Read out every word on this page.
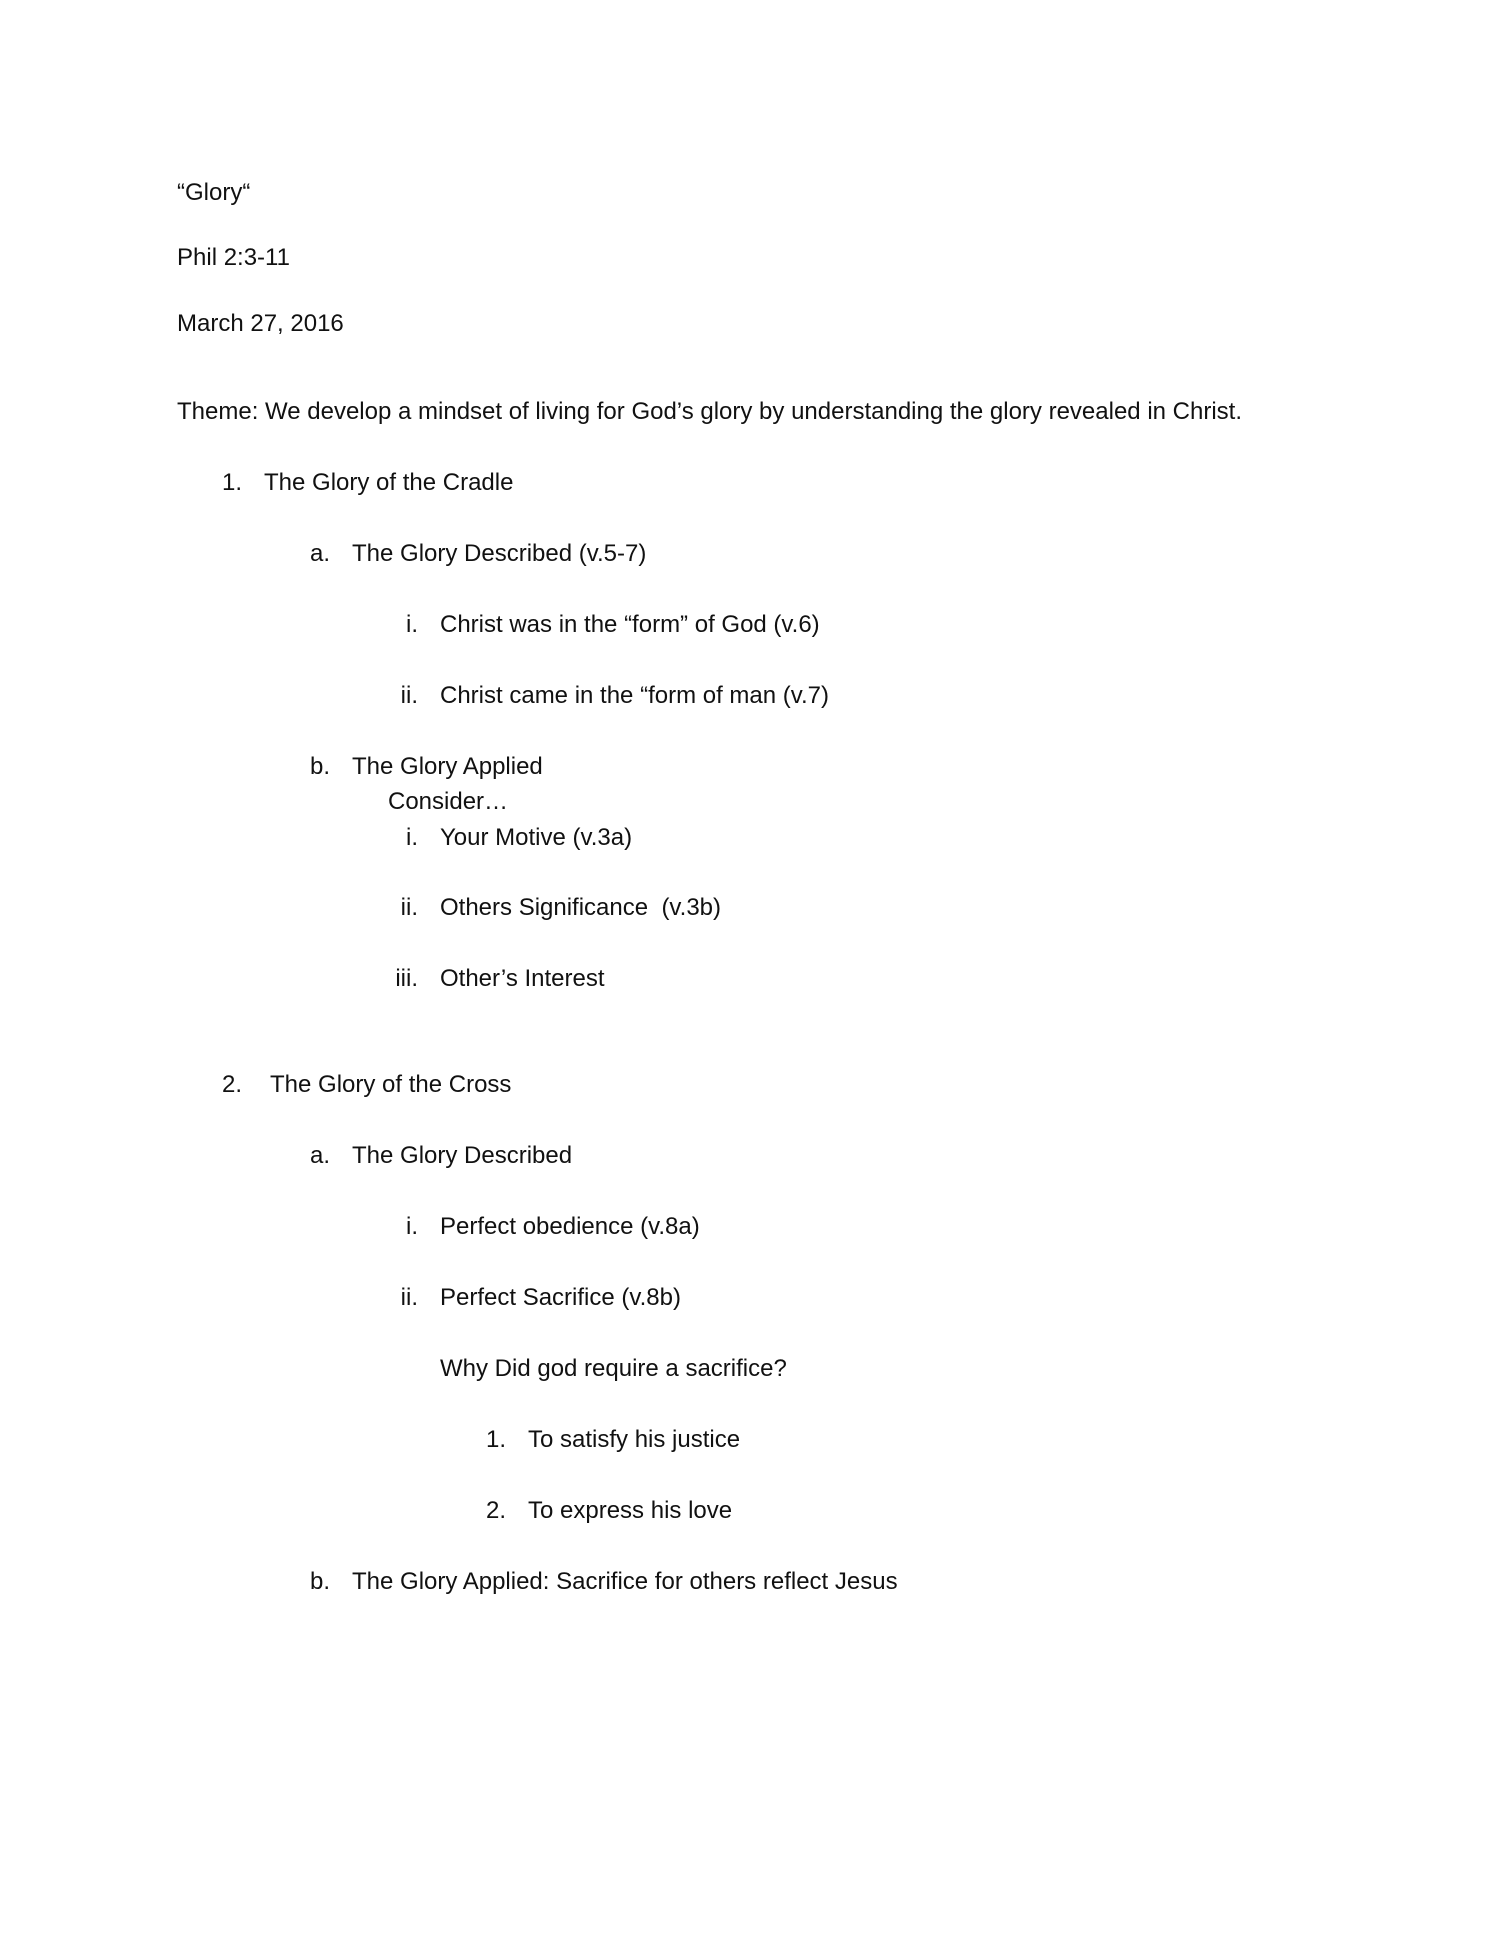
“Glory“
Phil 2:3-11
March 27, 2016
Theme: We develop a mindset of living for God’s glory by understanding the glory revealed in Christ.
1. The Glory of the Cradle
a. The Glory Described (v.5-7)
i. Christ was in the “form” of God (v.6)
ii. Christ came in the “form of man (v.7)
b. The Glory Applied
Consider…
i. Your Motive (v.3a)
ii. Others Significance  (v.3b)
iii. Other’s Interest
2. The Glory of the Cross
a. The Glory Described
i. Perfect obedience (v.8a)
ii. Perfect Sacrifice (v.8b)
Why Did god require a sacrifice?
1. To satisfy his justice
2. To express his love
b. The Glory Applied: Sacrifice for others reflect Jesus
